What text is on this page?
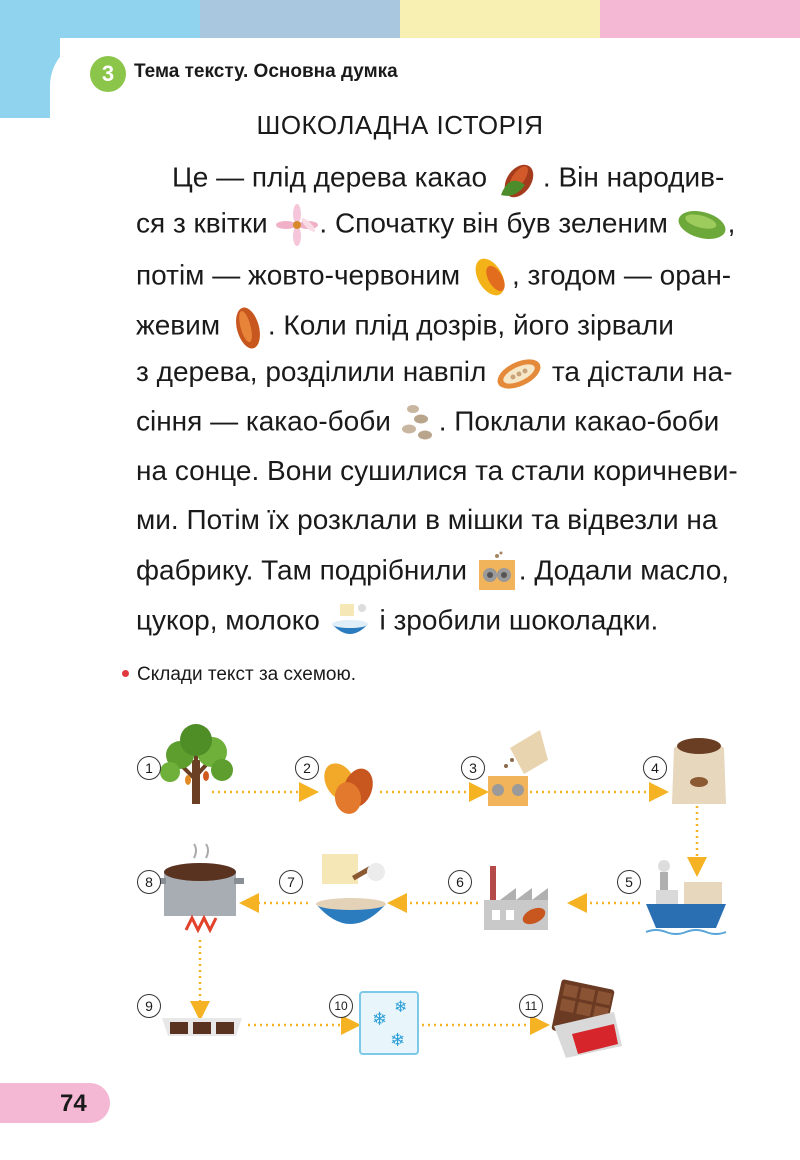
3	Тема тексту. Основна думка
ШОКОЛАДНА ІСТОРІЯ
Це — плід дерева какао . Він народив-
ся з квітки . Спочатку він був зеленим ,
потім — жовто-червоним , згодом — оран-
жевим . Коли плід дозрів, його зірвали
з дерева, розділили навпіл та дістали на-
сіння — какао-боби . Поклали какао-боби
на сонце. Вони сушилися та стали коричневи-
ми. Потім їх розклали в мішки та відвезли на
фабрику. Там подрібнили . Додали масло,
цукор, молоко і зробили шоколадки.
Склади текст за схемою.
❄
❄
❄
1	2	3	4
5
6
7
8
9	10	11
74
